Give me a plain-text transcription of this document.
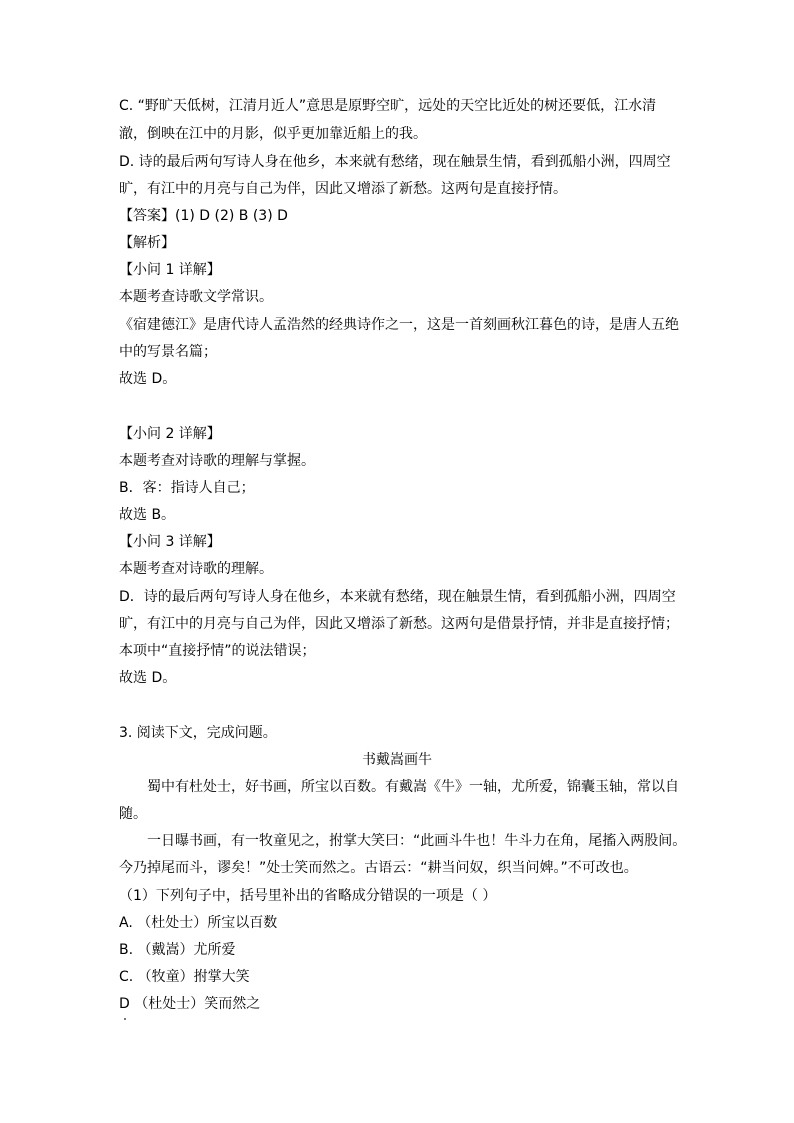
C. “野旷天低树，江清月近人”意思是原野空旷，远处的天空比近处的树还要低，江水清
澈，倒映在江中的月影，似乎更加靠近船上的我。
D. 诗的最后两句写诗人身在他乡，本来就有愁绪，现在触景生情，看到孤船小洲，四周空
旷，有江中的月亮与自己为伴，因此又增添了新愁。这两句是直接抒情。
【答案】(1) D (2) B (3) D
【解析】
【小问 1 详解】
本题考查诗歌文学常识。
《宿建德江》是唐代诗人孟浩然的经典诗作之一，这是一首刻画秋江暮色的诗，是唐人五绝
中的写景名篇；
故选 D。
【小问 2 详解】
本题考查对诗歌的理解与掌握。
B．客：指诗人自己；
故选 B。
【小问 3 详解】
本题考查对诗歌的理解。
D．诗的最后两句写诗人身在他乡，本来就有愁绪，现在触景生情，看到孤船小洲，四周空
旷，有江中的月亮与自己为伴，因此又增添了新愁。这两句是借景抒情，并非是直接抒情；
本项中“直接抒情”的说法错误；
故选 D。
3. 阅读下文，完成问题。
书戴嵩画牛
蜀中有杜处士，好书画，所宝以百数。有戴嵩《牛》一轴，尤所爱，锦囊玉轴，常以自
随。
一日曝书画，有一牧童见之，拊掌大笑曰：“此画斗牛也！牛斗力在角，尾搐入两股间。
今乃掉尾而斗，谬矣！”处士笑而然之。古语云：“耕当问奴，织当问婢。”不可改也。
（1）下列句子中，括号里补出的省略成分错误的一项是（ ）
A. （杜处士）所宝以百数
B. （戴嵩）尤所爱
C. （牧童）拊掌大笑
D （杜处士）笑而然之
